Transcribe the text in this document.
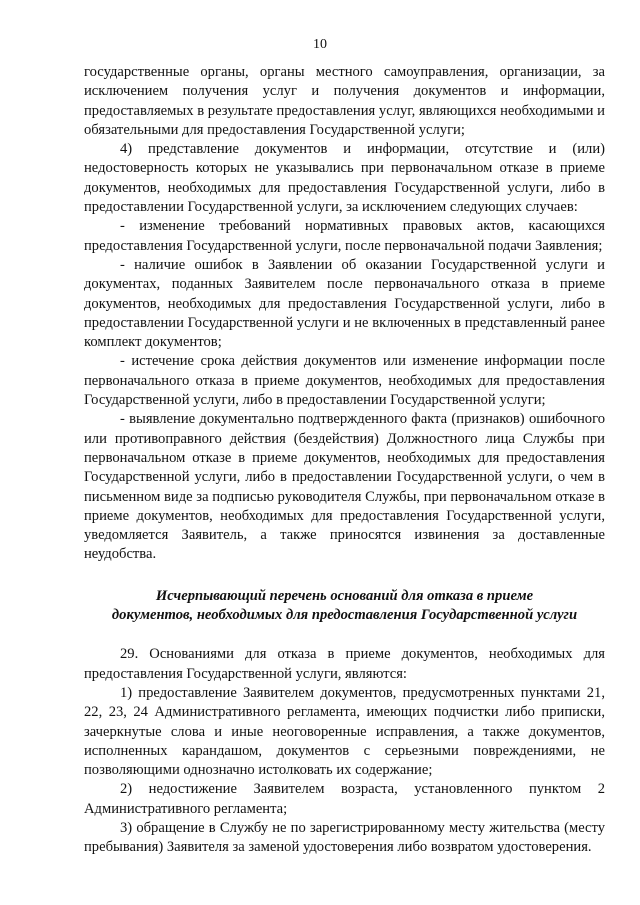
10

государственные органы, органы местного самоуправления, организации, за исключением получения услуг и получения документов и информации, предоставляемых в результате предоставления услуг, являющихся необходимыми и обязательными для предоставления Государственной услуги;

4) представление документов и информации, отсутствие и (или) недостоверность которых не указывались при первоначальном отказе в приеме документов, необходимых для предоставления Государственной услуги, либо в предоставлении Государственной услуги, за исключением следующих случаев:

- изменение требований нормативных правовых актов, касающихся предоставления Государственной услуги, после первоначальной подачи Заявления;

- наличие ошибок в Заявлении об оказании Государственной услуги и документах, поданных Заявителем после первоначального отказа в приеме документов, необходимых для предоставления Государственной услуги, либо в предоставлении Государственной услуги и не включенных в представленный ранее комплект документов;

- истечение срока действия документов или изменение информации после первоначального отказа в приеме документов, необходимых для предоставления Государственной услуги, либо в предоставлении Государственной услуги;

- выявление документально подтвержденного факта (признаков) ошибочного или противоправного действия (бездействия) Должностного лица Службы при первоначальном отказе в приеме документов, необходимых для предоставления Государственной услуги, либо в предоставлении Государственной услуги, о чем в письменном виде за подписью руководителя Службы, при первоначальном отказе в приеме документов, необходимых для предоставления Государственной услуги, уведомляется Заявитель, а также приносятся извинения за доставленные неудобства.

Исчерпывающий перечень оснований для отказа в приеме
документов, необходимых для предоставления Государственной услуги

29. Основаниями для отказа в приеме документов, необходимых для предоставления Государственной услуги, являются:

1) предоставление Заявителем документов, предусмотренных пунктами 21, 22, 23, 24 Административного регламента, имеющих подчистки либо приписки, зачеркнутые слова и иные неоговоренные исправления, а также документов, исполненных карандашом, документов с серьезными повреждениями, не позволяющими однозначно истолковать их содержание;

2) недостижение Заявителем возраста, установленного пунктом 2 Административного регламента;

3) обращение в Службу не по зарегистрированному месту жительства (месту пребывания) Заявителя за заменой удостоверения либо возвратом удостоверения.
